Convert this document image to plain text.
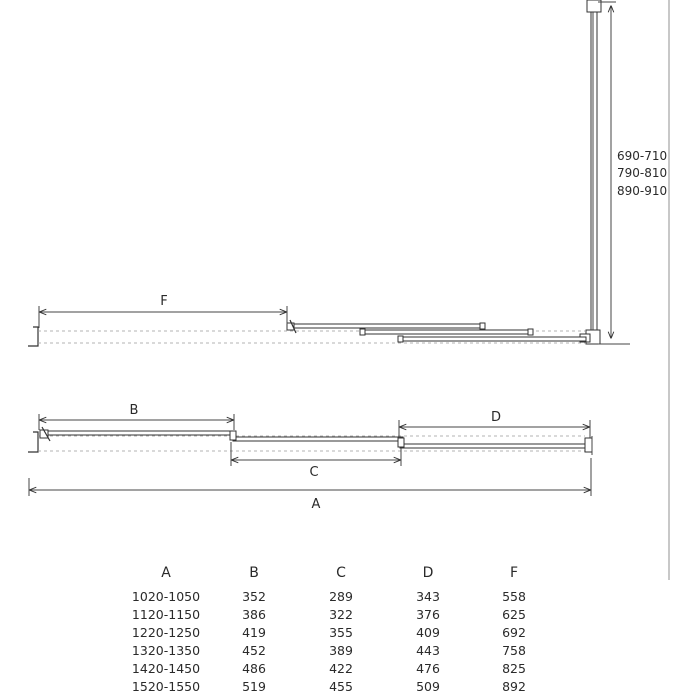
690-710
790-810
890-910
F
B
C
D
A
A	B	C	D	F
1020-1050	352	289	343	558
1120-1150	386	322	376	625
1220-1250	419	355	409	692
1320-1350	452	389	443	758
1420-1450	486	422	476	825
1520-1550	519	455	509	892
